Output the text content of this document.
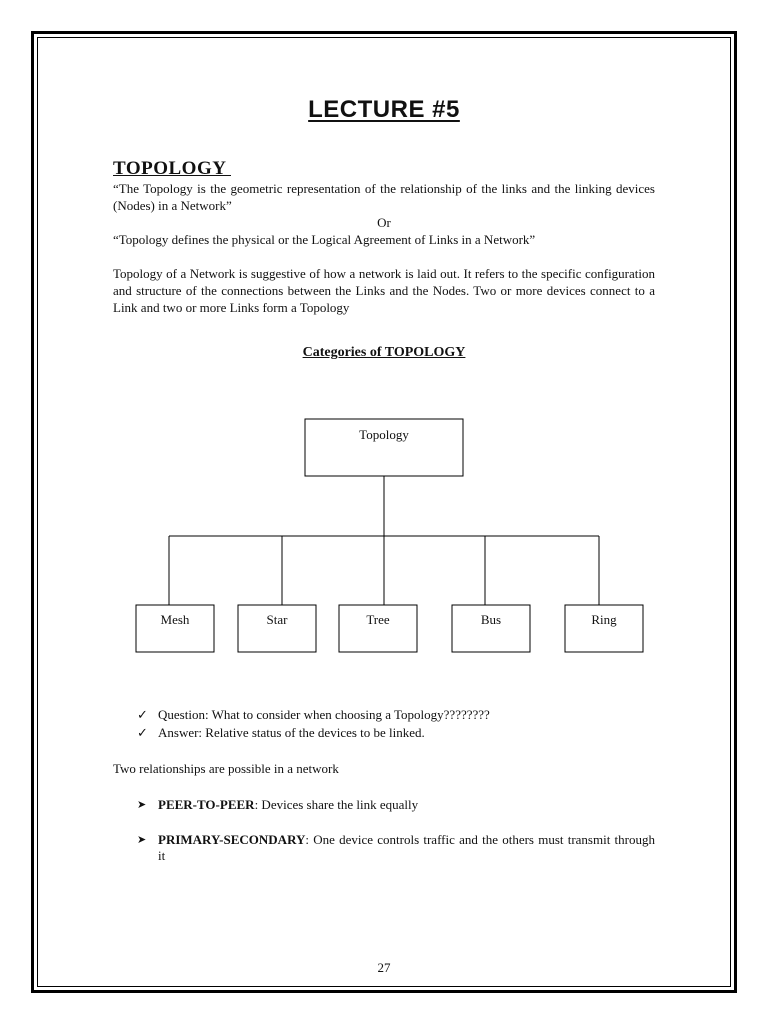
LECTURE #5
TOPOLOGY
“The Topology is the geometric representation of the relationship of the links and the linking devices (Nodes) in a Network”
Or
“Topology defines the physical or the Logical Agreement of Links in a Network”
Topology of a Network is suggestive of how a network is laid out. It refers to the specific configuration and structure of the connections between the Links and the Nodes. Two or more devices connect to a Link and two or more Links form a Topology
Categories of TOPOLOGY
Topology
Mesh	Star	Tree	Bus	Ring
✓ Question: What to consider when choosing a Topology????????
✓ Answer: Relative status of the devices to be linked.
Two relationships are possible in a network
➤ PEER-TO-PEER: Devices share the link equally
➤ PRIMARY-SECONDARY: One device controls traffic and the others must transmit through it
27
